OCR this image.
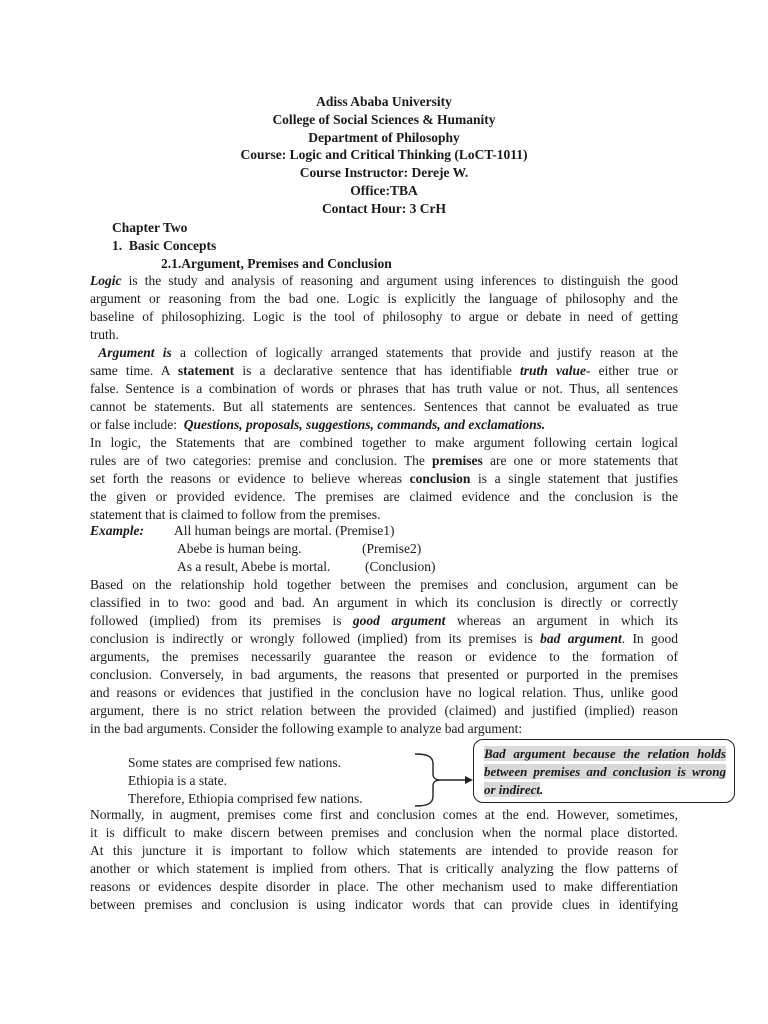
Adiss Ababa University
College of Social Sciences & Humanity
Department of Philosophy
Course: Logic and Critical Thinking (LoCT-1011)
Course Instructor: Dereje W.
Office:TBA
Contact Hour: 3 CrH
Chapter Two
1.  Basic Concepts
2.1.Argument, Premises and Conclusion
Logic is the study and analysis of reasoning and argument using inferences to distinguish the good
argument or reasoning from the bad one. Logic is explicitly the language of philosophy and the
baseline of philosophizing. Logic is the tool of philosophy to argue or debate in need of getting
truth.
Argument is a collection of logically arranged statements that provide and justify reason at the
same time. A statement is a declarative sentence that has identifiable truth value- either true or
false. Sentence is a combination of words or phrases that has truth value or not. Thus, all sentences
cannot be statements. But all statements are sentences. Sentences that cannot be evaluated as true
or false include:  Questions, proposals, suggestions, commands, and exclamations.
In logic, the Statements that are combined together to make argument following certain logical
rules are of two categories: premise and conclusion. The premises are one or more statements that
set forth the reasons or evidence to believe whereas conclusion is a single statement that justifies
the given or provided evidence. The premises are claimed evidence and the conclusion is the
statement that is claimed to follow from the premises.
Example: All human beings are mortal. (Premise1)
Abebe is human being.	(Premise2)
As a result, Abebe is mortal.	(Conclusion)
Based on the relationship hold together between the premises and conclusion, argument can be
classified in to two: good and bad. An argument in which its conclusion is directly or correctly
followed (implied) from its premises is good argument whereas an argument in which its
conclusion is indirectly or wrongly followed (implied) from its premises is bad argument. In good
arguments, the premises necessarily guarantee the reason or evidence to the formation of
conclusion. Conversely, in bad arguments, the reasons that presented or purported in the premises
and reasons or evidences that justified in the conclusion have no logical relation. Thus, unlike good
argument, there is no strict relation between the provided (claimed) and justified (implied) reason
in the bad arguments. Consider the following example to analyze bad argument:
Some states are comprised few nations.
Ethiopia is a state.
Therefore, Ethiopia comprised few nations.
Bad argument because the relation holds between premises and conclusion is wrong or indirect.
Normally, in augment, premises come first and conclusion comes at the end. However, sometimes,
it is difficult to make discern between premises and conclusion when the normal place distorted.
At this juncture it is important to follow which statements are intended to provide reason for
another or which statement is implied from others. That is critically analyzing the flow patterns of
reasons or evidences despite disorder in place. The other mechanism used to make differentiation
between premises and conclusion is using indicator words that can provide clues in identifying
